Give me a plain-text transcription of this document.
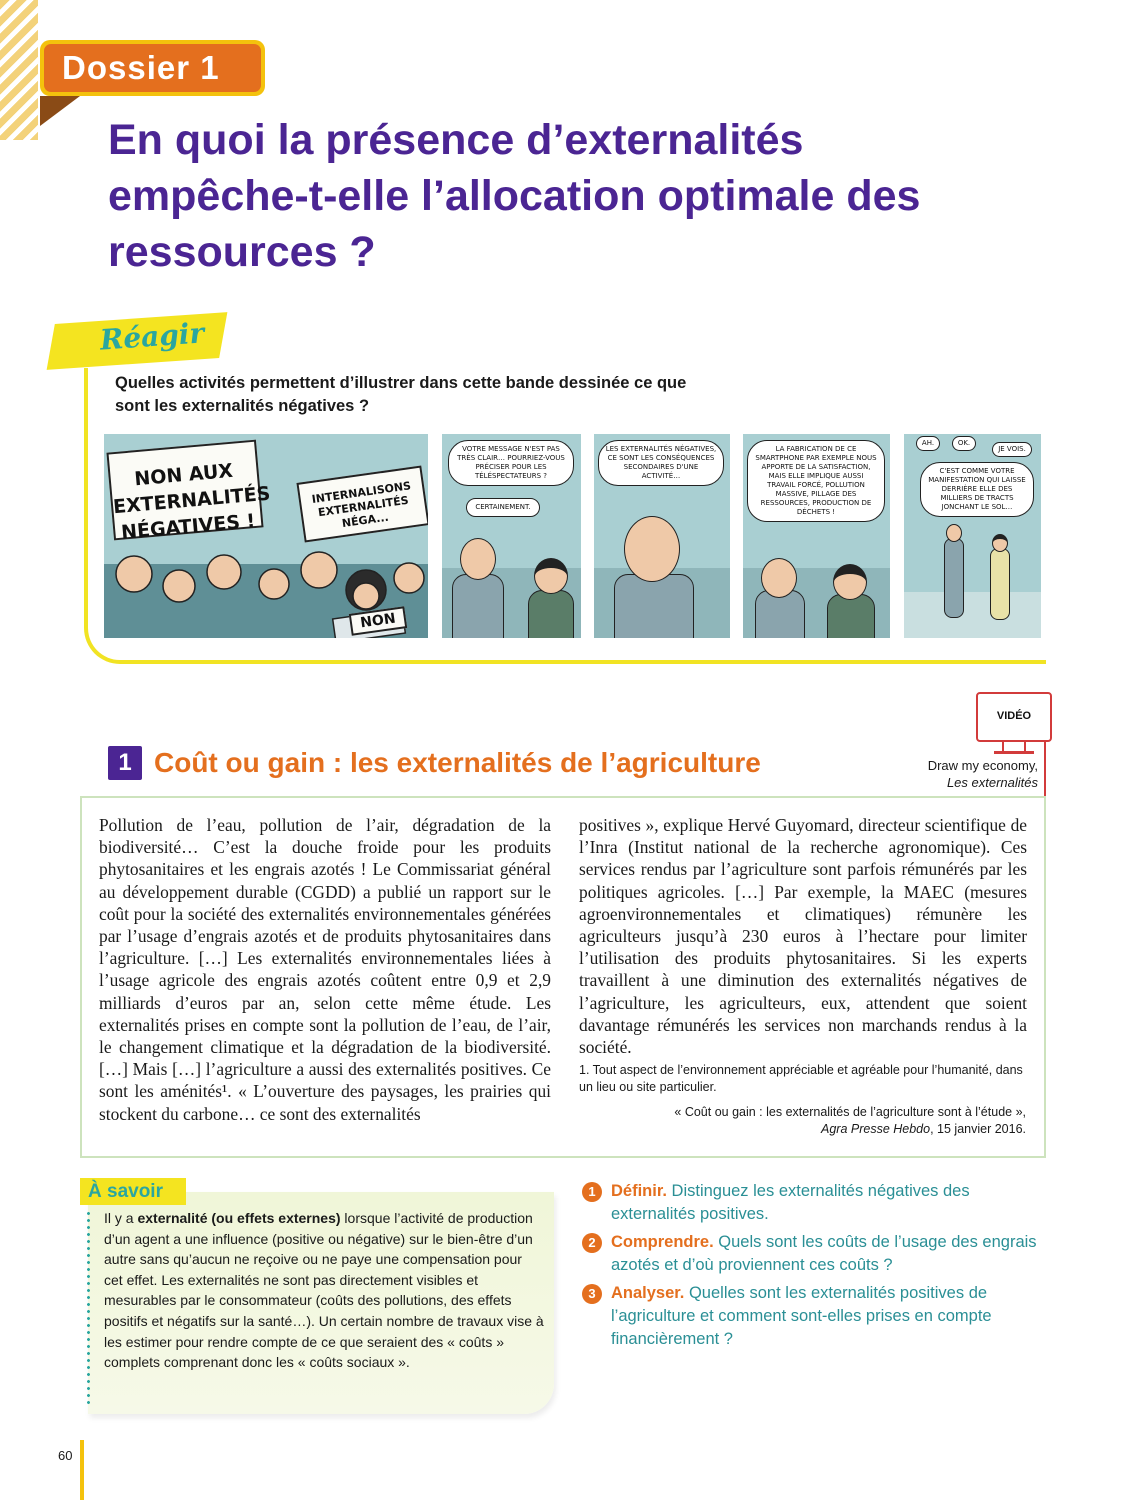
Dossier 1
En quoi la présence d’externalités empêche-t-elle l’allocation optimale des ressources ?
Réagir
Quelles activités permettent d’illustrer dans cette bande dessinée ce que sont les externalités négatives ?
NON AUX EXTERNALITÉS NÉGATIVES !
INTERNALISONS EXTERNALITÉS NÉGA...
NON
VOTRE MESSAGE N'EST PAS TRÈS CLAIR… POURRIEZ-VOUS PRÉCISER POUR LES TÉLÉSPECTATEURS ?
CERTAINEMENT.
LES EXTERNALITÉS NÉGATIVES, CE SONT LES CONSÉQUENCES SECONDAIRES D'UNE ACTIVITÉ…
LA FABRICATION DE CE SMARTPHONE PAR EXEMPLE NOUS APPORTE DE LA SATISFACTION, MAIS ELLE IMPLIQUE AUSSI TRAVAIL FORCÉ, POLLUTION MASSIVE, PILLAGE DES RESSOURCES, PRODUCTION DE DÉCHETS !
AH.	OK.
JE VOIS.
C'EST COMME VOTRE MANIFESTATION QUI LAISSE DERRIÈRE ELLE DES MILLIERS DE TRACTS JONCHANT LE SOL…
VIDÉO
Draw my economy,
Les externalités
1 Coût ou gain : les externalités de l’agriculture
Pollution de l’eau, pollution de l’air, dégradation de la biodiversité… C’est la douche froide pour les produits phytosanitaires et les engrais azotés ! Le Commissariat général au développement durable (CGDD) a publié un rapport sur le coût pour la société des externalités environnementales générées par l’usage d’engrais azotés et de produits phytosanitaires dans l’agriculture. […] Les externalités environnementales liées à l’usage agricole des engrais azotés coûtent entre 0,9 et 2,9 milliards d’euros par an, selon cette même étude. Les externalités prises en compte sont la pollution de l’eau, de l’air, le changement climatique et la dégradation de la biodiversité. […] Mais […] l’agriculture a aussi des externalités positives. Ce sont les aménités¹. « L’ouverture des paysages, les prairies qui stockent du carbone… ce sont des externalités
positives », explique Hervé Guyomard, directeur scientifique de l’Inra (Institut national de la recherche agronomique). Ces services rendus par l’agriculture sont parfois rémunérés par les politiques agricoles. […] Par exemple, la MAEC (mesures agroenvironnementales et climatiques) rémunère les agriculteurs jusqu’à 230 euros à l’hectare pour limiter l’utilisation des produits phytosanitaires. Si les experts travaillent à une diminution des externalités négatives de l’agriculture, les agriculteurs, eux, attendent que soient davantage rémunérés les services non marchands rendus à la société.
1. Tout aspect de l’environnement appréciable et agréable pour l’humanité, dans un lieu ou site particulier.
« Coût ou gain : les externalités de l’agriculture sont à l’étude »,
Agra Presse Hebdo, 15 janvier 2016.
À savoir
Il y a externalité (ou effets externes) lorsque l’activité de production d’un agent a une influence (positive ou négative) sur le bien-être d’un autre sans qu’aucun ne reçoive ou ne paye une compensation pour cet effet. Les externalités ne sont pas directement visibles et mesurables par le consommateur (coûts des pollutions, des effets positifs et négatifs sur la santé…). Un certain nombre de travaux vise à les estimer pour rendre compte de ce que seraient des « coûts » complets comprenant donc les « coûts sociaux ».
1 Définir. Distinguez les externalités négatives des externalités positives.
2 Comprendre. Quels sont les coûts de l’usage des engrais azotés et d’où proviennent ces coûts ?
3 Analyser. Quelles sont les externalités positives de l’agriculture et comment sont-elles prises en compte financièrement ?
60
